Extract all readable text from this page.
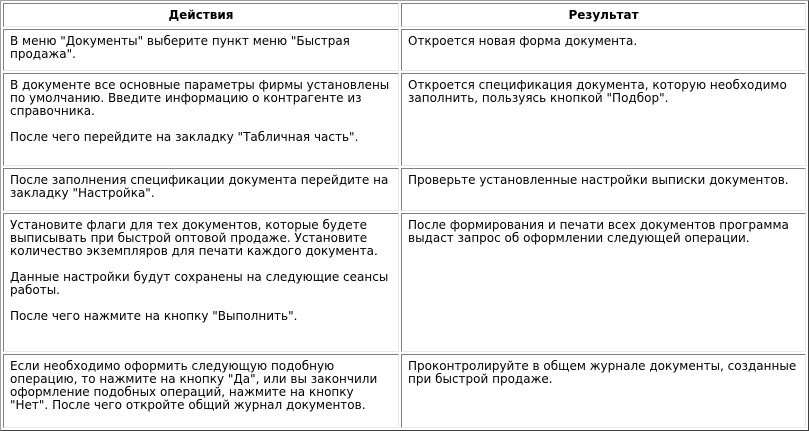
Действия	Результат

В меню "Документы" выберите пункт меню "Быстрая продажа".	Откроется новая форма документа.

В документе все основные параметры фирмы установлены по умолчанию. Введите информацию о контрагенте из справочника.
После чего перейдите на закладку "Табличная часть".	Откроется спецификация документа, которую необходимо заполнить, пользуясь кнопкой "Подбор".

После заполнения спецификации документа перейдите на закладку "Настройка".	Проверьте установленные настройки выписки документов.

Установите флаги для тех документов, которые будете выписывать при быстрой оптовой продаже. Установите количество экземпляров для печати каждого документа.
Данные настройки будут сохранены на следующие сеансы работы.
После чего нажмите на кнопку "Выполнить".	После формирования и печати всех документов программа выдаст запрос об оформлении следующей операции.

Если необходимо оформить следующую подобную операцию, то нажмите на кнопку "Да", или вы закончили оформление подобных операций, нажмите на кнопку "Нет". После чего откройте общий журнал документов.	Проконтролируйте в общем журнале документы, созданные при быстрой продаже.
